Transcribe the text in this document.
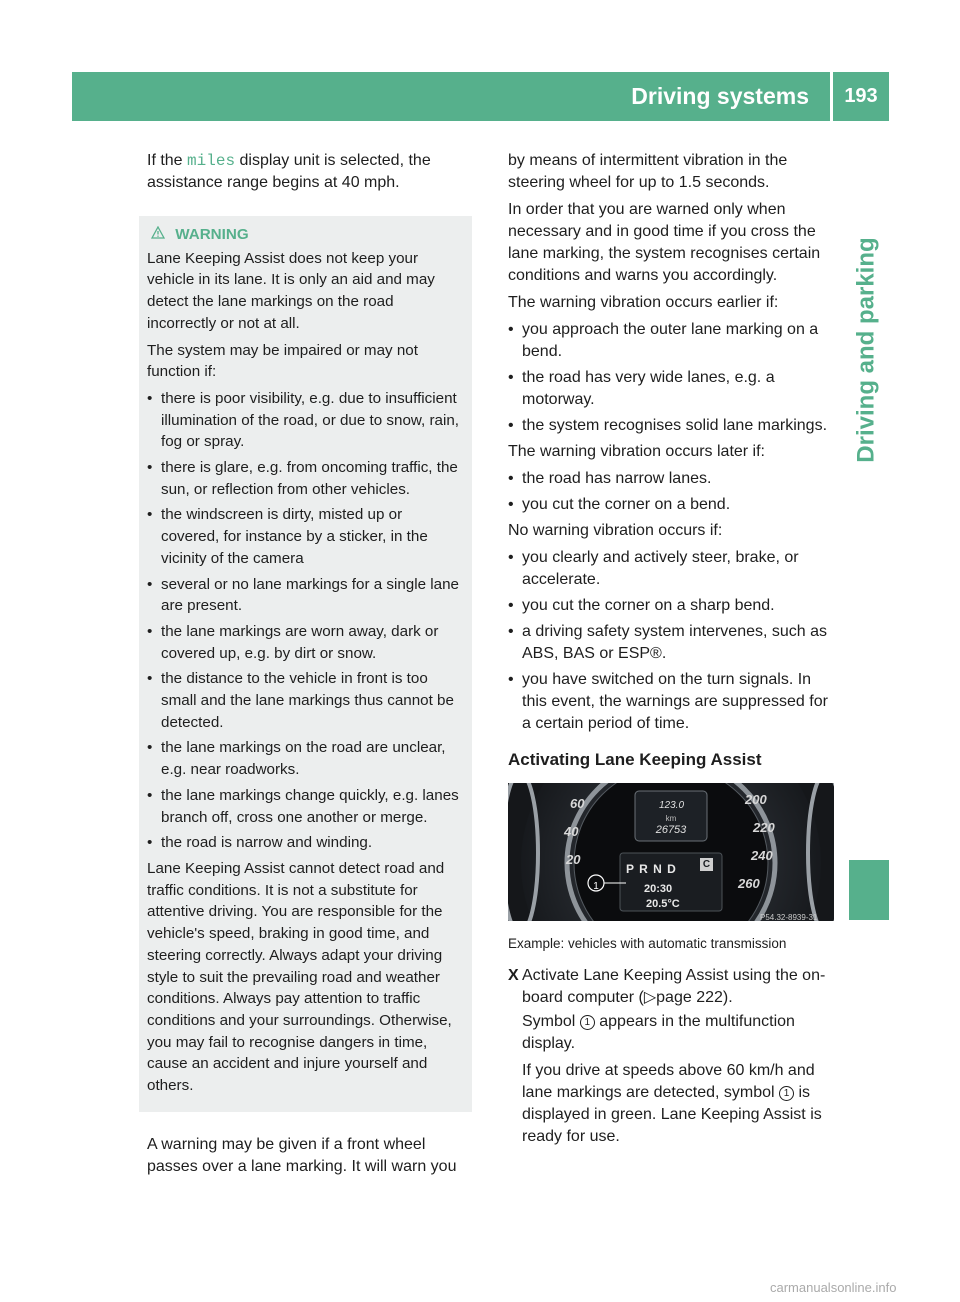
Driving systems	193
Driving and parking

If the miles display unit is selected, the assistance range begins at 40 mph.

WARNING

Lane Keeping Assist does not keep your vehicle in its lane. It is only an aid and may detect the lane markings on the road incorrectly or not at all.

The system may be impaired or may not function if:

• there is poor visibility, e.g. due to insufficient illumination of the road, or due to snow, rain, fog or spray.
• there is glare, e.g. from oncoming traffic, the sun, or reflection from other vehicles.
• the windscreen is dirty, misted up or covered, for instance by a sticker, in the vicinity of the camera
• several or no lane markings for a single lane are present.
• the lane markings are worn away, dark or covered up, e.g. by dirt or snow.
• the distance to the vehicle in front is too small and the lane markings thus cannot be detected.
• the lane markings on the road are unclear, e.g. near roadworks.
• the lane markings change quickly, e.g. lanes branch off, cross one another or merge.
• the road is narrow and winding.

Lane Keeping Assist cannot detect road and traffic conditions. It is not a substitute for attentive driving. You are responsible for the vehicle's speed, braking in good time, and steering correctly. Always adapt your driving style to suit the prevailing road and weather conditions. Always pay attention to traffic conditions and your surroundings. Otherwise, you may fail to recognise dangers in time, cause an accident and injure yourself and others.

A warning may be given if a front wheel passes over a lane marking. It will warn you

by means of intermittent vibration in the steering wheel for up to 1.5 seconds.

In order that you are warned only when necessary and in good time if you cross the lane marking, the system recognises certain conditions and warns you accordingly.

The warning vibration occurs earlier if:

• you approach the outer lane marking on a bend.
• the road has very wide lanes, e.g. a motorway.
• the system recognises solid lane markings.

The warning vibration occurs later if:

• the road has narrow lanes.
• you cut the corner on a bend.

No warning vibration occurs if:

• you clearly and actively steer, brake, or accelerate.
• you cut the corner on a sharp bend.
• a driving safety system intervenes, such as ABS, BAS or ESP®.
• you have switched on the turn signals. In this event, the warnings are suppressed for a certain period of time.
Activating Lane Keeping Assist
123.0
km
26753
P R N D	C
20:30
20.5°C
1
60
40
20
200
220
240
260
P54.32-8939-31
Example: vehicles with automatic transmission
X Activate Lane Keeping Assist using the on-board computer (▷page 222).

Symbol 1 appears in the multifunction display.

If you drive at speeds above 60 km/h and lane markings are detected, symbol 1 is displayed in green. Lane Keeping Assist is ready for use.

carmanualsonline.info
